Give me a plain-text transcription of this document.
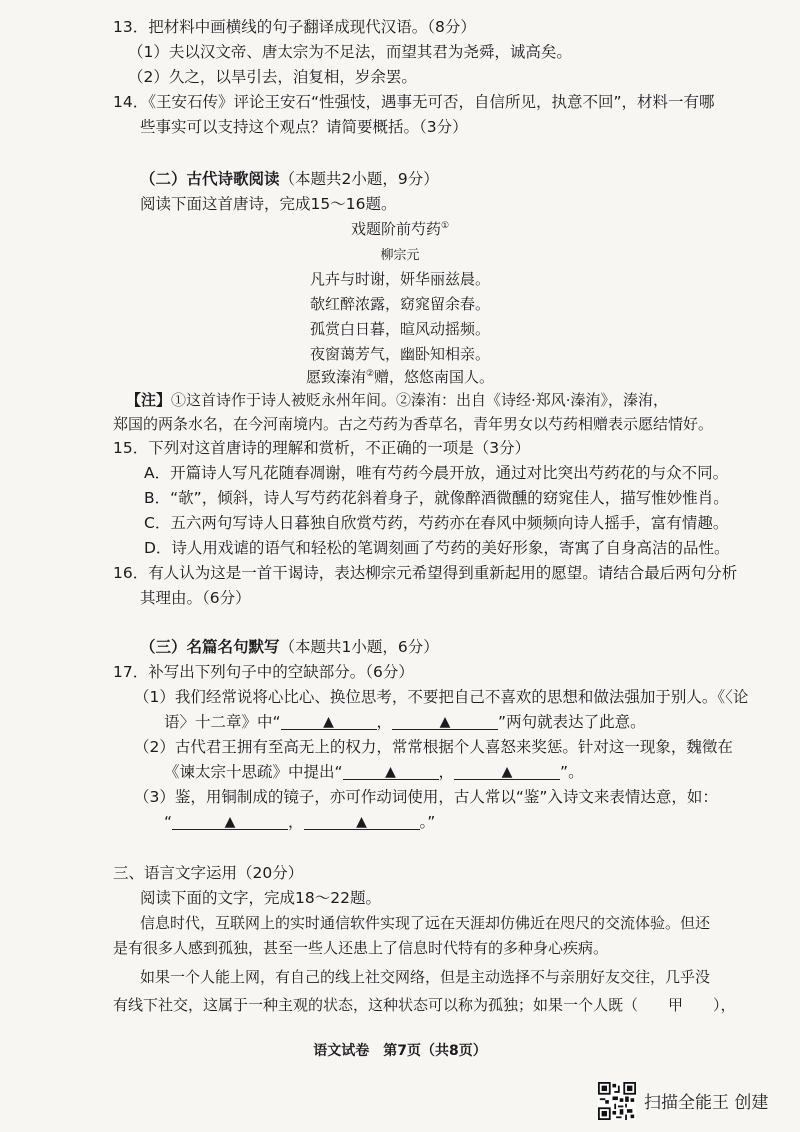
13．把材料中画横线的句子翻译成现代汉语。（8分）
（1）夫以汉文帝、唐太宗为不足法，而望其君为尧舜，诚高矣。
（2）久之，以旱引去，洎复相，岁余罢。
14．《王安石传》评论王安石“性强忮，遇事无可否，自信所见，执意不回”，材料一有哪
些事实可以支持这个观点？请简要概括。（3分）
（二）古代诗歌阅读（本题共2小题，9分）
阅读下面这首唐诗，完成15～16题。
戏题阶前芍药①
柳宗元
凡卉与时谢，妍华丽兹晨。
欹红醉浓露，窈窕留余春。
孤赏白日暮，暄风动摇频。
夜窗蔼芳气，幽卧知相亲。
愿致溱洧②赠，悠悠南国人。
【注】①这首诗作于诗人被贬永州年间。②溱洧：出自《诗经·郑风·溱洧》，溱洧，
郑国的两条水名，在今河南境内。古之芍药为香草名，青年男女以芍药相赠表示愿结情好。
15．下列对这首唐诗的理解和赏析，不正确的一项是（3分）
A．开篇诗人写凡花随春凋谢，唯有芍药今晨开放，通过对比突出芍药花的与众不同。
B．“欹”，倾斜，诗人写芍药花斜着身子，就像醉酒微醺的窈窕佳人，描写惟妙惟肖。
C．五六两句写诗人日暮独自欣赏芍药，芍药亦在春风中频频向诗人摇手，富有情趣。
D．诗人用戏谑的语气和轻松的笔调刻画了芍药的美好形象，寄寓了自身高洁的品性。
16．有人认为这是一首干谒诗，表达柳宗元希望得到重新起用的愿望。请结合最后两句分析
其理由。（6分）
（三）名篇名句默写（本题共1小题，6分）
17．补写出下列句子中的空缺部分。（6分）
（1）我们经常说将心比心、换位思考，不要把自己不喜欢的思想和做法强加于别人。《〈论
语〉十二章》中“	▲	，	▲	”两句就表达了此意。
（2）古代君王拥有至高无上的权力，常常根据个人喜怒来奖惩。针对这一现象，魏徵在
《谏太宗十思疏》中提出“	▲	，	▲	”。
（3）鉴，用铜制成的镜子，亦可作动词使用，古人常以“鉴”入诗文来表情达意，如：
“	▲	，	▲	。”
三、语言文字运用（20分）
阅读下面的文字，完成18～22题。
信息时代，互联网上的实时通信软件实现了远在天涯却仿佛近在咫尺的交流体验。但还
是有很多人感到孤独，甚至一些人还患上了信息时代特有的多种身心疾病。
如果一个人能上网，有自己的线上社交网络，但是主动选择不与亲朋好友交往，几乎没
有线下社交，这属于一种主观的状态，这种状态可以称为孤独；如果一个人既（　　甲　　），
语文试卷　第7页（共8页）
扫描全能王 创建
